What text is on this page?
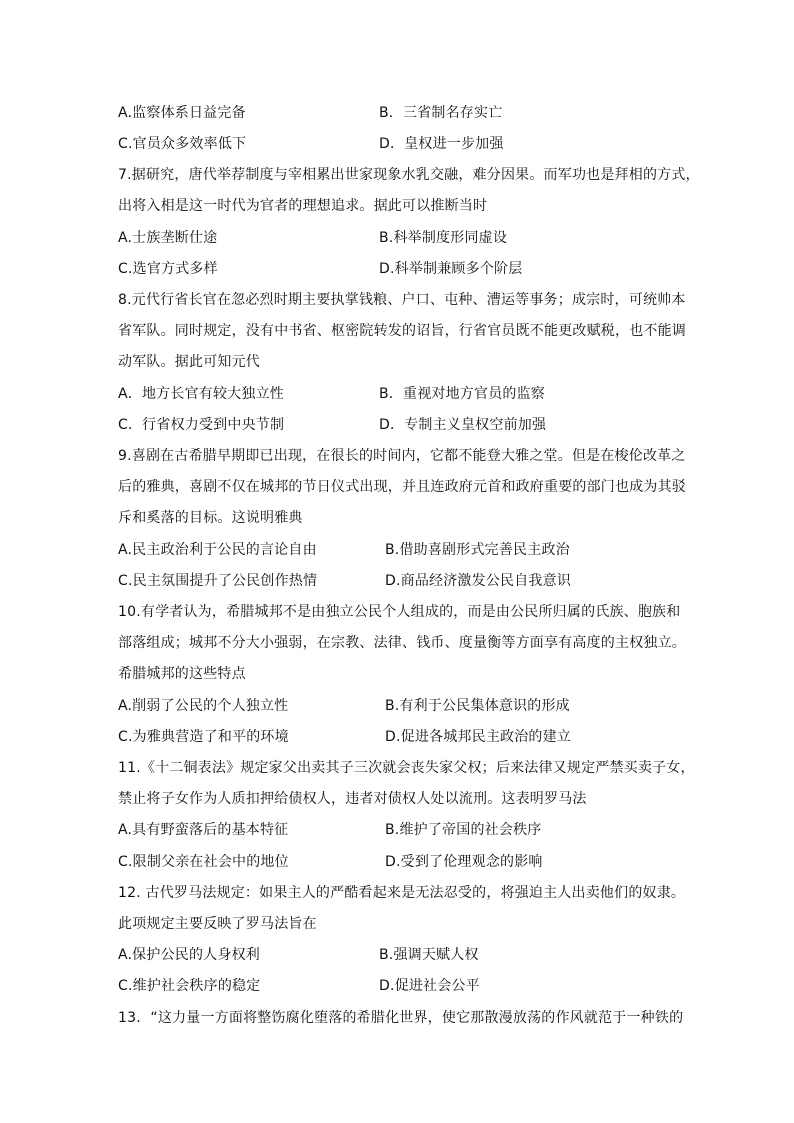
A.监察体系日益完备	B．三省制名存实亡
C.官员众多效率低下	D．皇权进一步加强
7.据研究，唐代举荐制度与宰相累出世家现象水乳交融，难分因果。而军功也是拜相的方式，
出将入相是这一时代为官者的理想追求。据此可以推断当时
A.士族垄断仕途	B.科举制度形同虚设
C.选官方式多样	D.科举制兼顾多个阶层
8.元代行省长官在忽必烈时期主要执掌钱粮、户口、屯种、漕运等事务；成宗时，可统帅本
省军队。同时规定，没有中书省、枢密院转发的诏旨，行省官员既不能更改赋税，也不能调
动军队。据此可知元代
A．地方长官有较大独立性	B．重视对地方官员的监察
C．行省权力受到中央节制	D．专制主义皇权空前加强
9.喜剧在古希腊早期即已出现，在很长的时间内，它都不能登大雅之堂。但是在梭伦改革之
后的雅典，喜剧不仅在城邦的节日仪式出现，并且连政府元首和政府重要的部门也成为其驳
斥和奚落的目标。这说明雅典
A.民主政治利于公民的言论自由	B.借助喜剧形式完善民主政治
C.民主氛围提升了公民创作热情	D.商品经济激发公民自我意识
10.有学者认为，希腊城邦不是由独立公民个人组成的，而是由公民所归属的氏族、胞族和
部落组成；城邦不分大小强弱，在宗教、法律、钱币、度量衡等方面享有高度的主权独立。
希腊城邦的这些特点
A.削弱了公民的个人独立性	B.有利于公民集体意识的形成
C.为雅典营造了和平的环境	D.促进各城邦民主政治的建立
11.《十二铜表法》规定家父出卖其子三次就会丧失家父权；后来法律又规定严禁买卖子女，
禁止将子女作为人质扣押给债权人，违者对债权人处以流刑。这表明罗马法
A.具有野蛮落后的基本特征	B.维护了帝国的社会秩序
C.限制父亲在社会中的地位	D.受到了伦理观念的影响
12. 古代罗马法规定：如果主人的严酷看起来是无法忍受的，将强迫主人出卖他们的奴隶。
此项规定主要反映了罗马法旨在
A.保护公民的人身权利	B.强调天赋人权
C.维护社会秩序的稳定	D.促进社会公平
13．“这力量一方面将整饬腐化堕落的希腊化世界，使它那散漫放荡的作风就范于一种铁的
